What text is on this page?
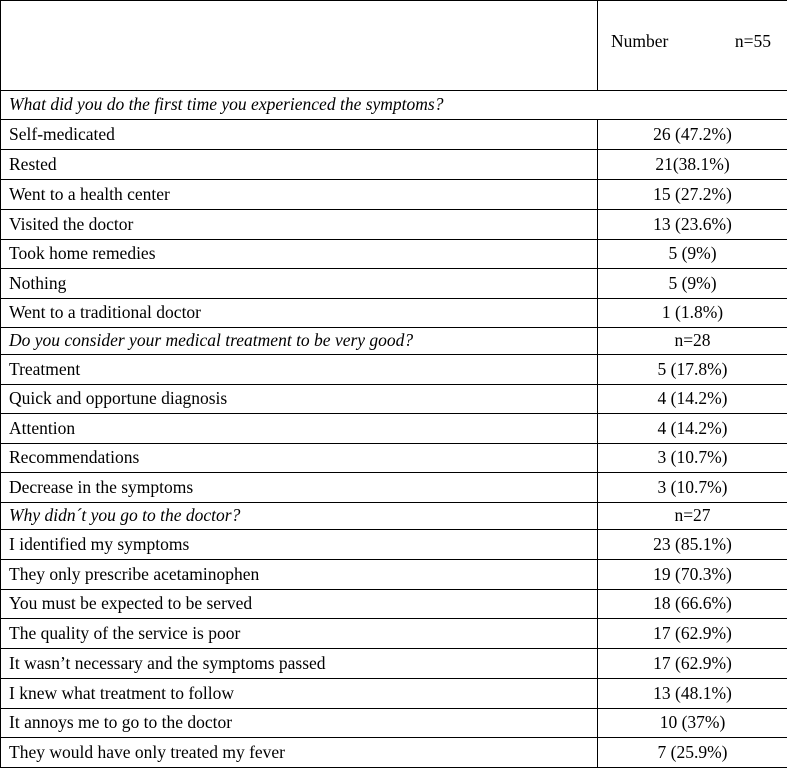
	Number n=55

What did you do the first time you experienced the symptoms?	
Self-medicated	26 (47.2%)
Rested	21(38.1%)
Went to a health center	15 (27.2%)
Visited the doctor	13 (23.6%)
Took home remedies	5 (9%)
Nothing	5 (9%)
Went to a traditional doctor	1 (1.8%)
Do you consider your medical treatment to be very good?	n=28
Treatment	5 (17.8%)
Quick and opportune diagnosis	4 (14.2%)
Attention	4 (14.2%)
Recommendations	3 (10.7%)
Decrease in the symptoms	3 (10.7%)
Why didn´t you go to the doctor?	n=27
I identified my symptoms	23 (85.1%)
They only prescribe acetaminophen	19 (70.3%)
You must be expected to be served	18 (66.6%)
The quality of the service is poor	17 (62.9%)
It wasn’t necessary and the symptoms passed	17 (62.9%)
I knew what treatment to follow	13 (48.1%)
It annoys me to go to the doctor	10 (37%)
They would have only treated my fever	7 (25.9%)
